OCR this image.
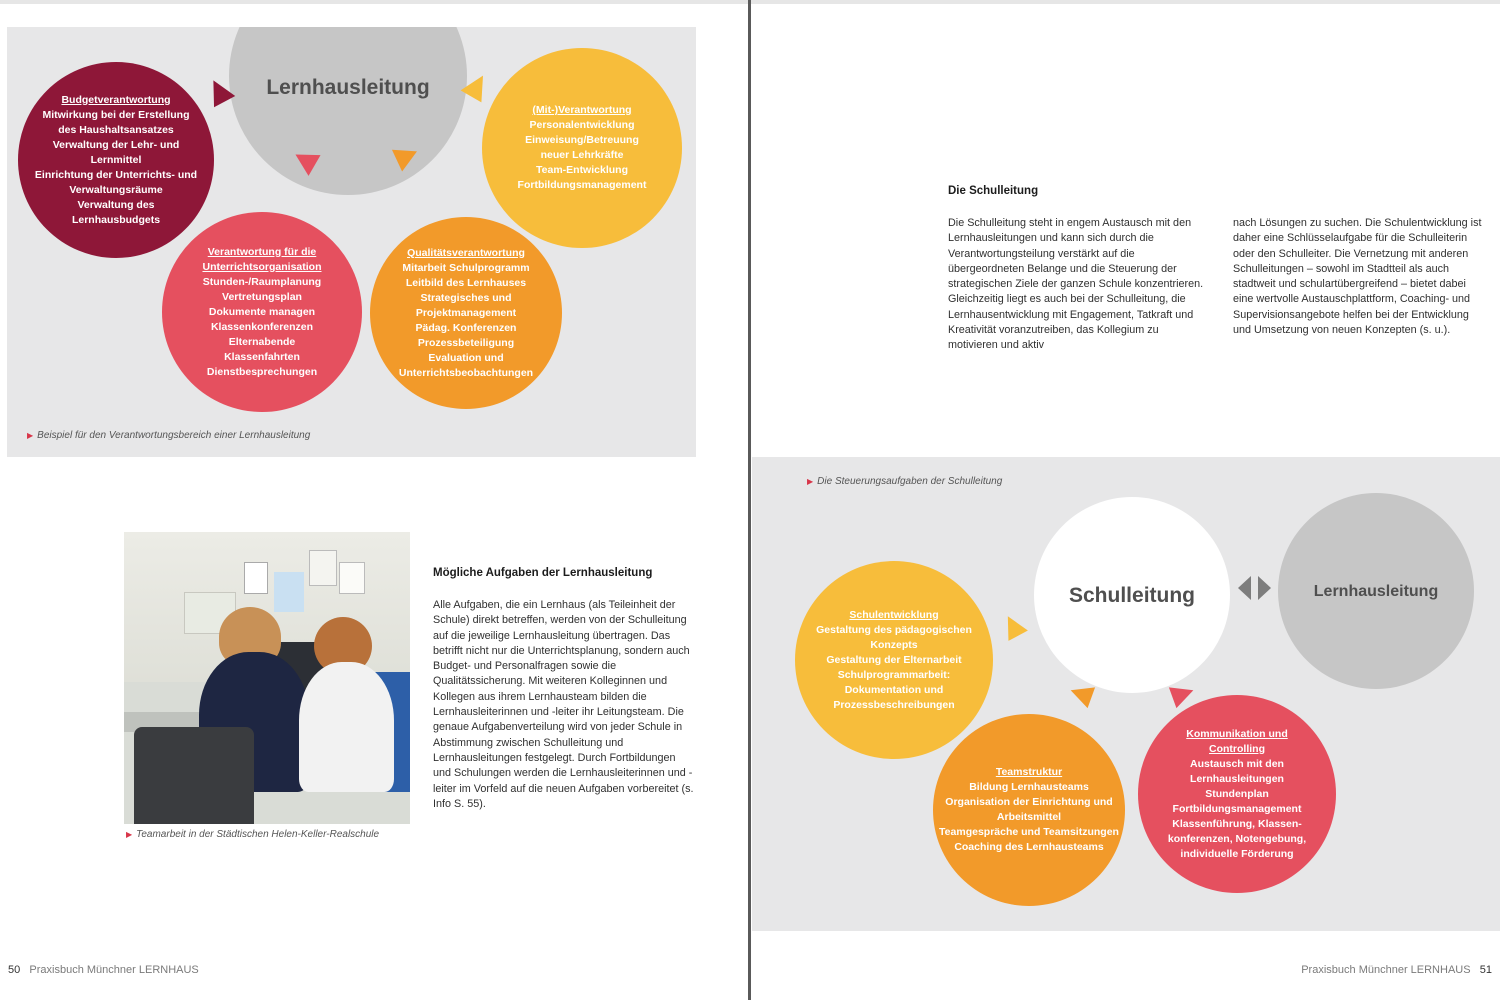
Lernhausleitung
Budgetverantwortung
Mitwirkung bei der Erstellung
des Haushaltsansatzes
Verwaltung der Lehr- und Lernmittel
Einrichtung der Unterrichts- und
Verwaltungsräume
Verwaltung des
Lernhausbudgets
(Mit-)Verantwortung
Personalentwicklung
Einweisung/Betreuung
neuer Lehrkräfte
Team-Entwicklung
Fortbildungsmanagement
Verantwortung für die Unterrichtsorganisation
Stunden-/Raumplanung
Vertretungsplan
Dokumente managen
Klassenkonferenzen
Elternabende
Klassenfahrten
Dienstbesprechungen
Qualitätsverantwortung
Mitarbeit Schulprogramm
Leitbild des Lernhauses
Strategisches und Projektmanagement
Pädag. Konferenzen
Prozessbeteiligung
Evaluation und
Unterrichtsbeobachtungen
▶ Beispiel für den Verantwortungsbereich einer Lernhausleitung
▶ Teamarbeit in der Städtischen Helen-Keller-Realschule
Mögliche Aufgaben der Lernhausleitung
Alle Aufgaben, die ein Lernhaus (als Teileinheit der Schule) direkt betreffen, werden von der Schulleitung auf die jeweilige Lernhausleitung übertragen. Das betrifft nicht nur die Unterrichtsplanung, sondern auch Budget- und Personalfragen sowie die Qualitätssicherung. Mit weiteren Kolleginnen und Kollegen aus ihrem Lernhausteam bilden die Lernhausleiterinnen und -leiter ihr Leitungsteam. Die genaue Aufgabenverteilung wird von jeder Schule in Abstimmung zwischen Schulleitung und Lernhausleitungen festgelegt. Durch Fortbildungen und Schulungen werden die Lernhausleiterinnen und -leiter im Vorfeld auf die neuen Aufgaben vorbereitet (s. Info S. 55).
50 Praxisbuch Münchner LERNHAUS
Die Schulleitung
Die Schulleitung steht in engem Austausch mit den Lernhausleitungen und kann sich durch die Verantwortungsteilung verstärkt auf die übergeordneten Belange und die Steuerung der strategischen Ziele der ganzen Schule konzentrieren. Gleichzeitig liegt es auch bei der Schulleitung, die Lernhausentwicklung mit Engagement, Tatkraft und Kreativität voranzutreiben, das Kollegium zu motivieren und aktiv
nach Lösungen zu suchen. Die Schulentwicklung ist daher eine Schlüsselaufgabe für die Schulleiterin oder den Schulleiter. Die Vernetzung mit anderen Schulleitungen – sowohl im Stadtteil als auch stadtweit und schulartübergreifend – bietet dabei eine wertvolle Austauschplattform, Coaching- und Supervisionsangebote helfen bei der Entwicklung und Umsetzung von neuen Konzepten (s. u.).
▶ Die Steuerungsaufgaben der Schulleitung
Schulleitung	Lernhausleitung
Schulentwicklung
Gestaltung des pädagogischen
Konzepts
Gestaltung der Elternarbeit
Schulprogrammarbeit:
Dokumentation und
Prozessbeschreibungen
Teamstruktur
Bildung Lernhausteams
Organisation der Einrichtung und
Arbeitsmittel
Teamgespräche und Teamsitzungen
Coaching des Lernhausteams
Kommunikation und Controlling
Austausch mit den Lernhausleitungen
Stundenplan
Fortbildungsmanagement
Klassenführung, Klassen-
konferenzen, Notengebung,
individuelle Förderung
Praxisbuch Münchner LERNHAUS 51
